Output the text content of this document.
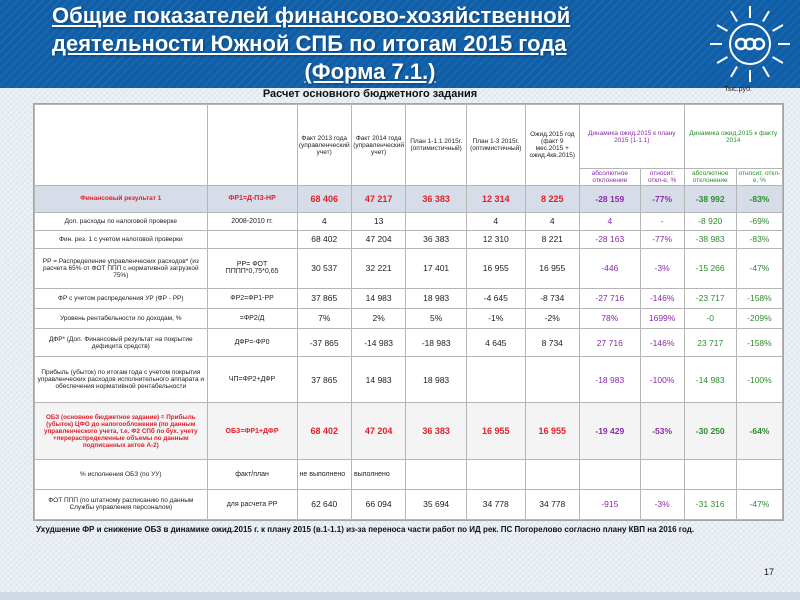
Общие показателей финансово-хозяйственной
деятельности Южной СПБ по итогам 2015 года
(Форма 7.1.)
Расчет основного бюджетного задания	Тыс.руб.
		Факт 2013 года (управленческий учет)	Факт 2014 года (управленческий учет)	План 1-1.1 2015г. (оптимистичный)	План 1-3 2015г. (оптимистичный)	Ожид.2015 год (факт 9 мес.2015 + ожид.4кв.2015)	Динамика ожид.2015 к плану 2015 (1-1.1)		Динамика ожид.2015 к факту 2014	
							абсолютное отклонение	относит. откл-е, %	абсолютное отклонение	относит. откл-е, %
Финансовый результат 1	ФР1=Д-ПЗ-НР	68 406	47 217	36 383	12 314	8 225	-28 159	-77%	-38 992	-83%
Доп. расходы по налоговой проверке	2008-2010 гг.	4	13		4	4	4	-	-8 920	-69%
Фин. рез. 1 с учетом налоговой проверки		68 402	47 204	36 383	12 310	8 221	-28 163	-77%	-38 983	-83%
РР = Распределение управленческих расходов* (из расчета 65% от ФОТ ППП с нормативной загрузкой 75%)	РР= ФОТ ПППП*0,75*0,65	30 537	32 221	17 401	16 955	16 955	-446	-3%	-15 266	-47%
ФР с учетом распределения УР (ФР - РР)	ФР2=ФР1-РР	37 865	14 983	18 983	-4 645	-8 734	-27 716	-146%	-23 717	-158%
Уровень рентабельности по доходам, %	=ФР2/Д	7%	2%	5%	-1%	-2%	78%	1699%	-0	-209%
ДФР* (Доп. Финансовый результат на покрытие дефицита средств)	ДФР=-ФР0	-37 865	-14 983	-18 983	4 645	8 734	27 716	-146%	23 717	-158%
Прибыль (убыток) по итогам года с учетом покрытия управленческих расходов исполнительного аппарата и обеспечения нормативной рентабельности	ЧП=ФР2+ДФР	37 865	14 983	18 983			-18 983	-100%	-14 983	-100%
ОБЗ (основное бюджетное задание) = Прибыль (убыток) ЦФО до налогообложения (по данным управленческого учета, т.е. Ф2 СПб по бух. учету +перераспределенные объемы по данным подписанных актов А-2)	ОБЗ=ФР1+ДФР	68 402	47 204	36 383	16 955	16 955	-19 429	-53%	-30 250	-64%
% исполнения ОБЗ (по УУ)	факт/план	не выполнено	выполнено							
ФОТ ППП (по штатному расписанию по данным Службы управления персоналом)	для расчета РР	62 640	66 094	35 694	34 778	34 778	-915	-3%	-31 316	-47%
Ухудшение ФР и снижение ОБЗ в динамике ожид.2015 г. к плану 2015 (в.1-1.1) из-за переноса части работ по ИД рек. ПС Погорелово согласно плану КВП на 2016 год.
17
